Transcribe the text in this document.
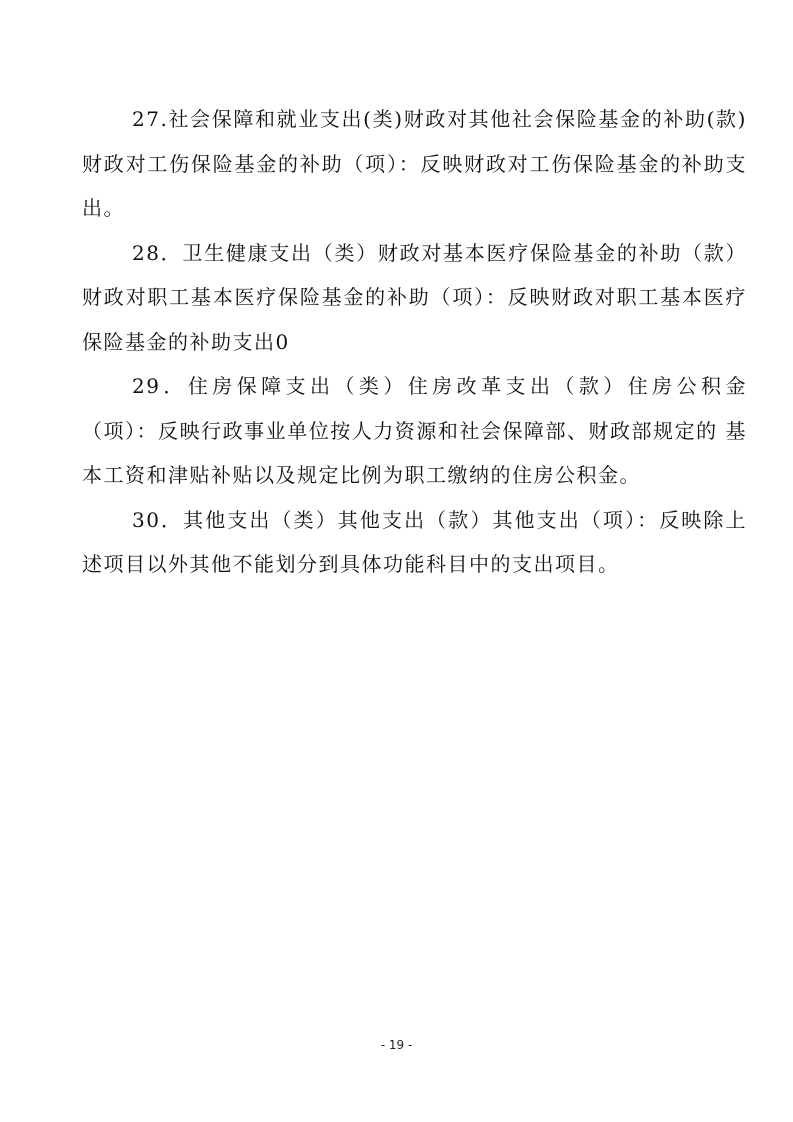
27.社会保障和就业支出(类)财政对其他社会保险基金的补助(款)财政对工伤保险基金的补助（项）：反映财政对工伤保险基金的补助支出。

28．卫生健康支出（类）财政对基本医疗保险基金的补助（款）财政对职工基本医疗保险基金的补助（项）：反映财政对职工基本医疗保险基金的补助支出0

29．住房保障支出（类）住房改革支出（款）住房公积金（项）：反映行政事业单位按人力资源和社会保障部、财政部规定的 基本工资和津贴补贴以及规定比例为职工缴纳的住房公积金。

30．其他支出（类）其他支出（款）其他支出（项）：反映除上述项目以外其他不能划分到具体功能科目中的支出项目。

- 19 -
